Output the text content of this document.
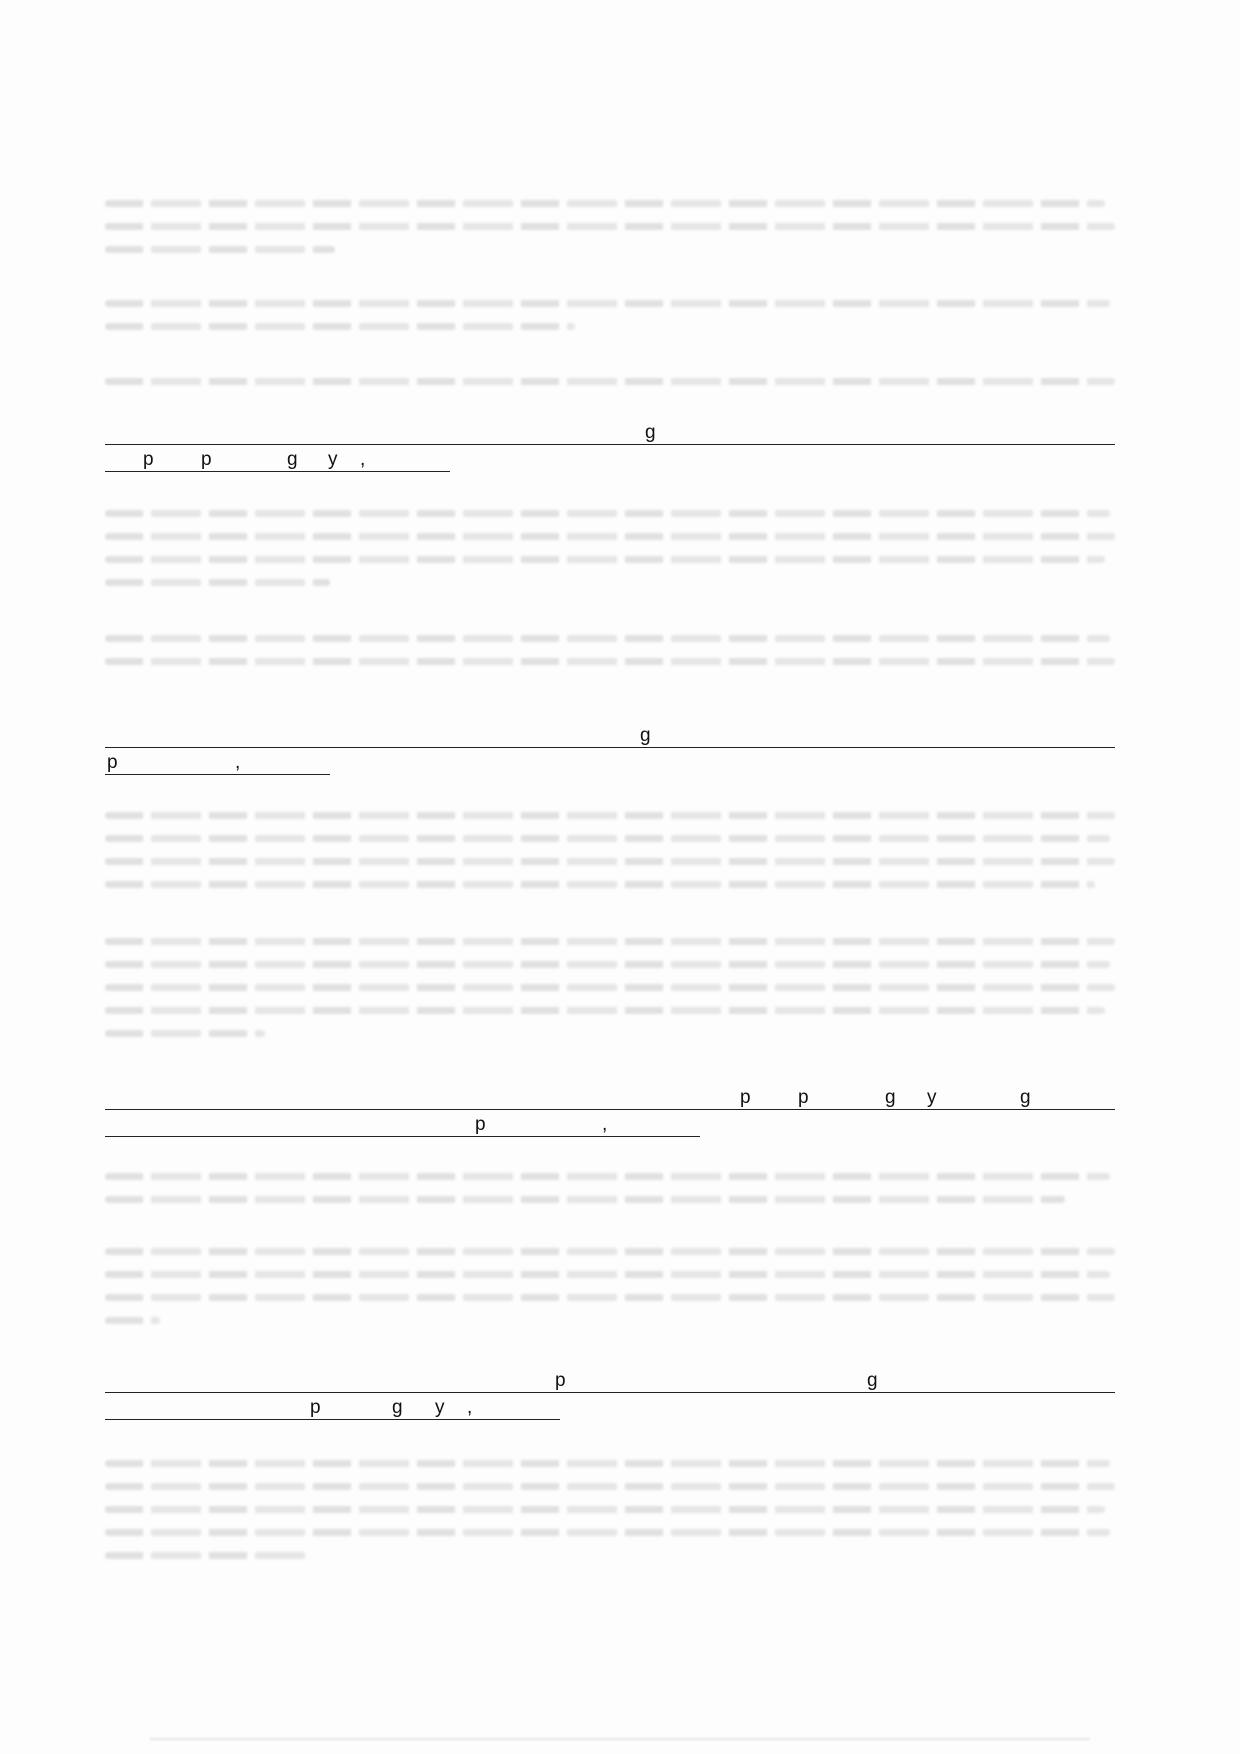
g
p p	g y ,
g
p	,
p p	g y	g
p	,
p	g
p	g y ,
